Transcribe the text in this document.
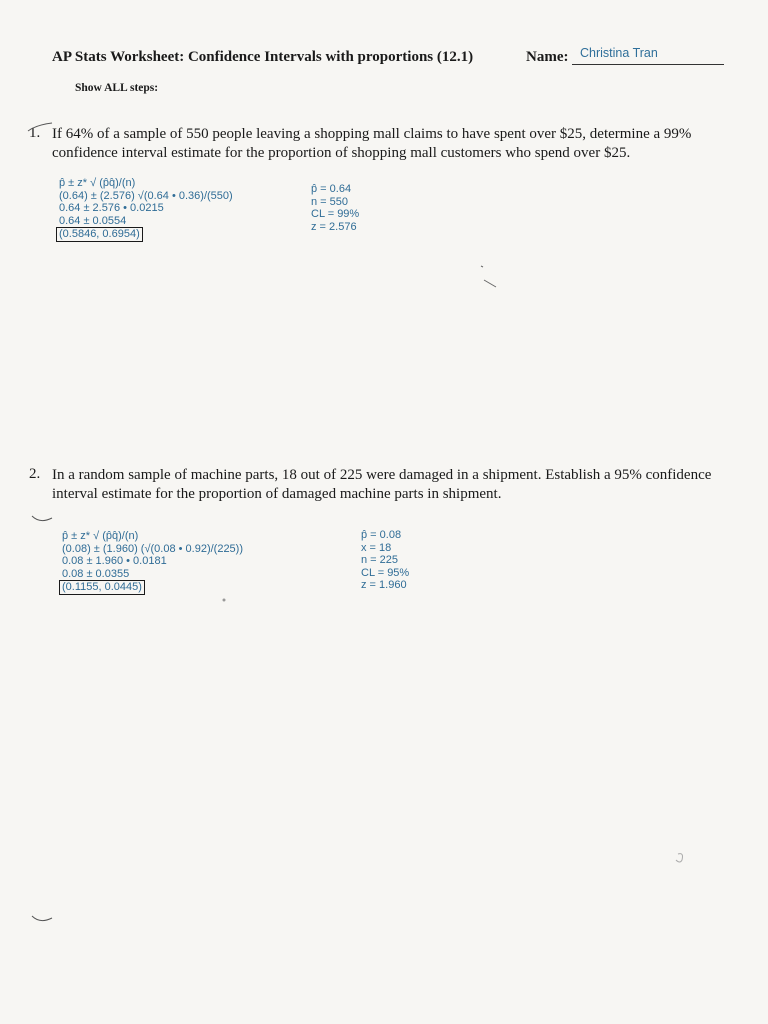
AP Stats Worksheet: Confidence Intervals with proportions (12.1)	Name: Christina Tran
Show ALL steps:
1. If 64% of a sample of 550 people leaving a shopping mall claims to have spent over $25, determine a 99% confidence interval estimate for the proportion of shopping mall customers who spend over $25.
p̂ ± z* √ (p̂q̂)/(n)
(0.64) ± (2.576) √(0.64 • 0.36)/(550)
0.64 ± 2.576 • 0.0215
0.64 ± 0.0554
(0.5846, 0.6954)
p̂ = 0.64
n = 550
CL = 99%
z = 2.576
2. In a random sample of machine parts, 18 out of 225 were damaged in a shipment. Establish a 95% confidence interval estimate for the proportion of damaged machine parts in shipment.
p̂ ± z* √ (p̂q̂)/(n)
(0.08) ± (1.960) (√(0.08 • 0.92)/(225))
0.08 ± 1.960 • 0.0181
0.08 ± 0.0355
(0.1155, 0.0445)
p̂ = 0.08
x = 18
n = 225
CL = 95%
z = 1.960
